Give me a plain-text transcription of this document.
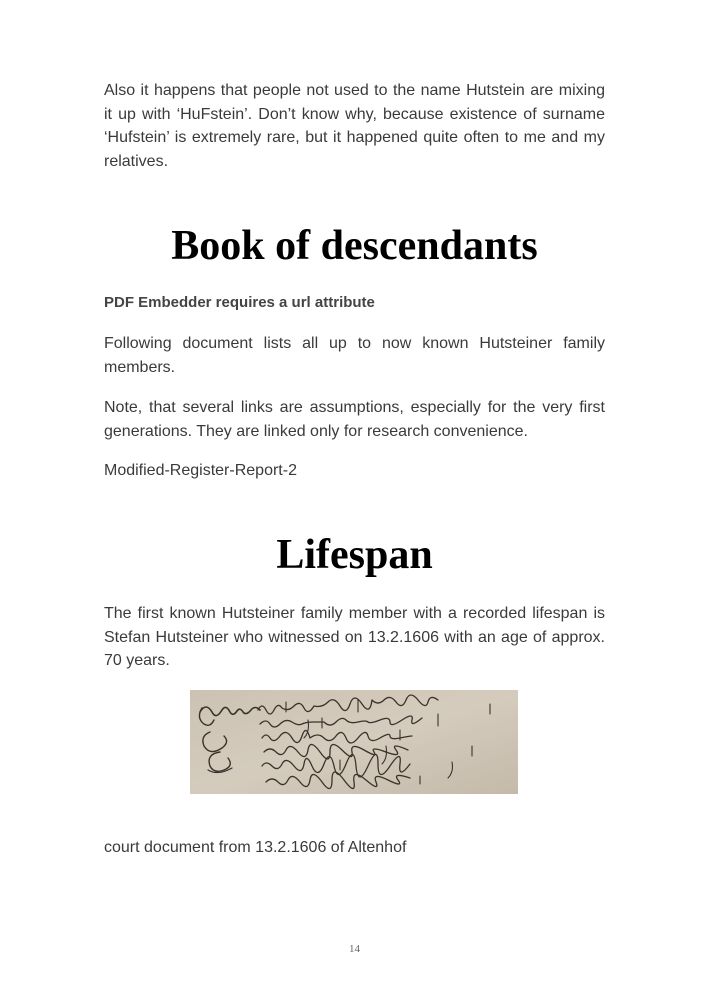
Also it happens that people not used to the name Hutstein are mixing it up with ‘HuFstein’. Don’t know why, because existence of surname ‘Hufstein’ is extremely rare, but it happened quite often to me and my relatives.

Book of descendants

PDF Embedder requires a url attribute

Following document lists all up to now known Hutsteiner family members.

Note, that several links are assumptions, especially for the very first generations. They are linked only for research convenience.

Modified-Register-Report-2

Lifespan

The first known Hutsteiner family member with a recorded lifespan is Stefan Hutsteiner who witnessed on 13.2.1606 with an age of approx. 70 years.

court document from 13.2.1606 of Altenhof

14
